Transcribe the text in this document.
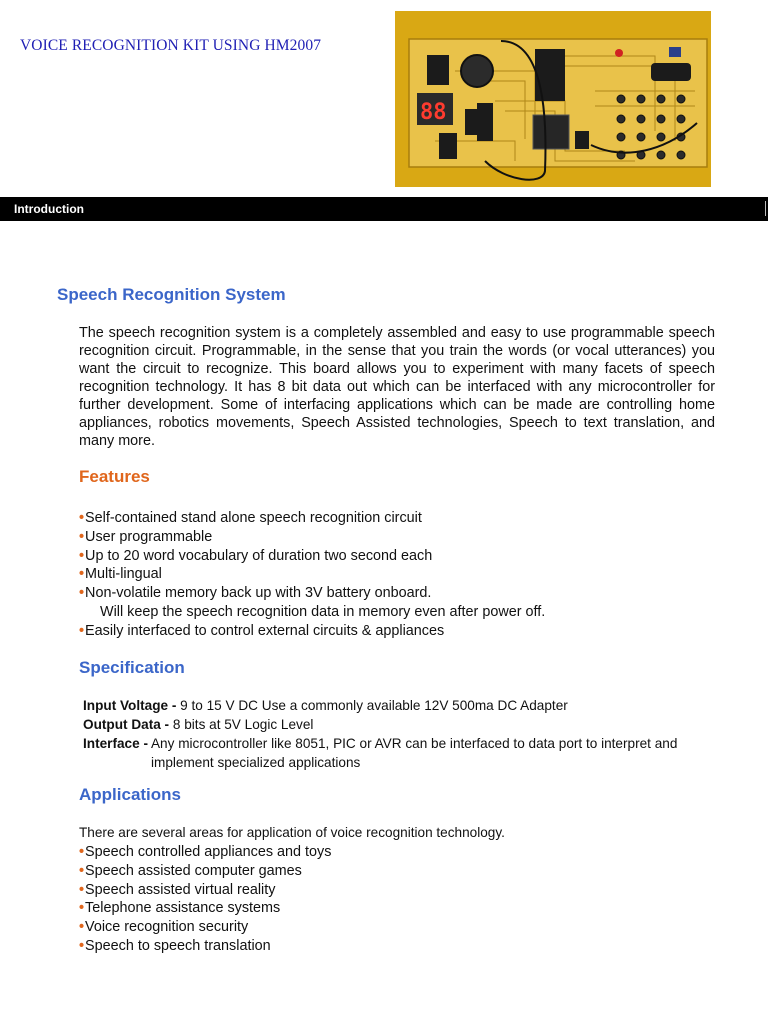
VOICE RECOGNITION KIT USING HM2007
88
Introduction
Speech Recognition System
The speech recognition system is a completely assembled and easy to use programmable speech recognition circuit. Programmable, in the sense that you train the words (or vocal utterances) you want the circuit to recognize. This board allows you to experiment with many facets of speech recognition technology. It has 8 bit data out which can be interfaced with any microcontroller for further development. Some of interfacing applications which can be made are controlling home appliances, robotics movements, Speech Assisted technologies, Speech to text translation, and many more.
Features
•Self-contained stand alone speech recognition circuit
•User programmable
•Up to 20 word vocabulary of duration two second each
•Multi-lingual
•Non-volatile memory back up with 3V battery onboard.
Will keep the speech recognition data in memory even after power off.
•Easily interfaced to control external circuits & appliances
Specification
Input Voltage - 9 to 15 V DC Use a commonly available 12V 500ma DC Adapter
Output Data - 8 bits at 5V Logic Level
Interface - Any microcontroller like 8051, PIC or AVR can be interfaced to data port to interpret and
implement specialized applications
Applications
There are several areas for application of voice recognition technology.
•Speech controlled appliances and toys
•Speech assisted computer games
•Speech assisted virtual reality
•Telephone assistance systems
•Voice recognition security
•Speech to speech translation
